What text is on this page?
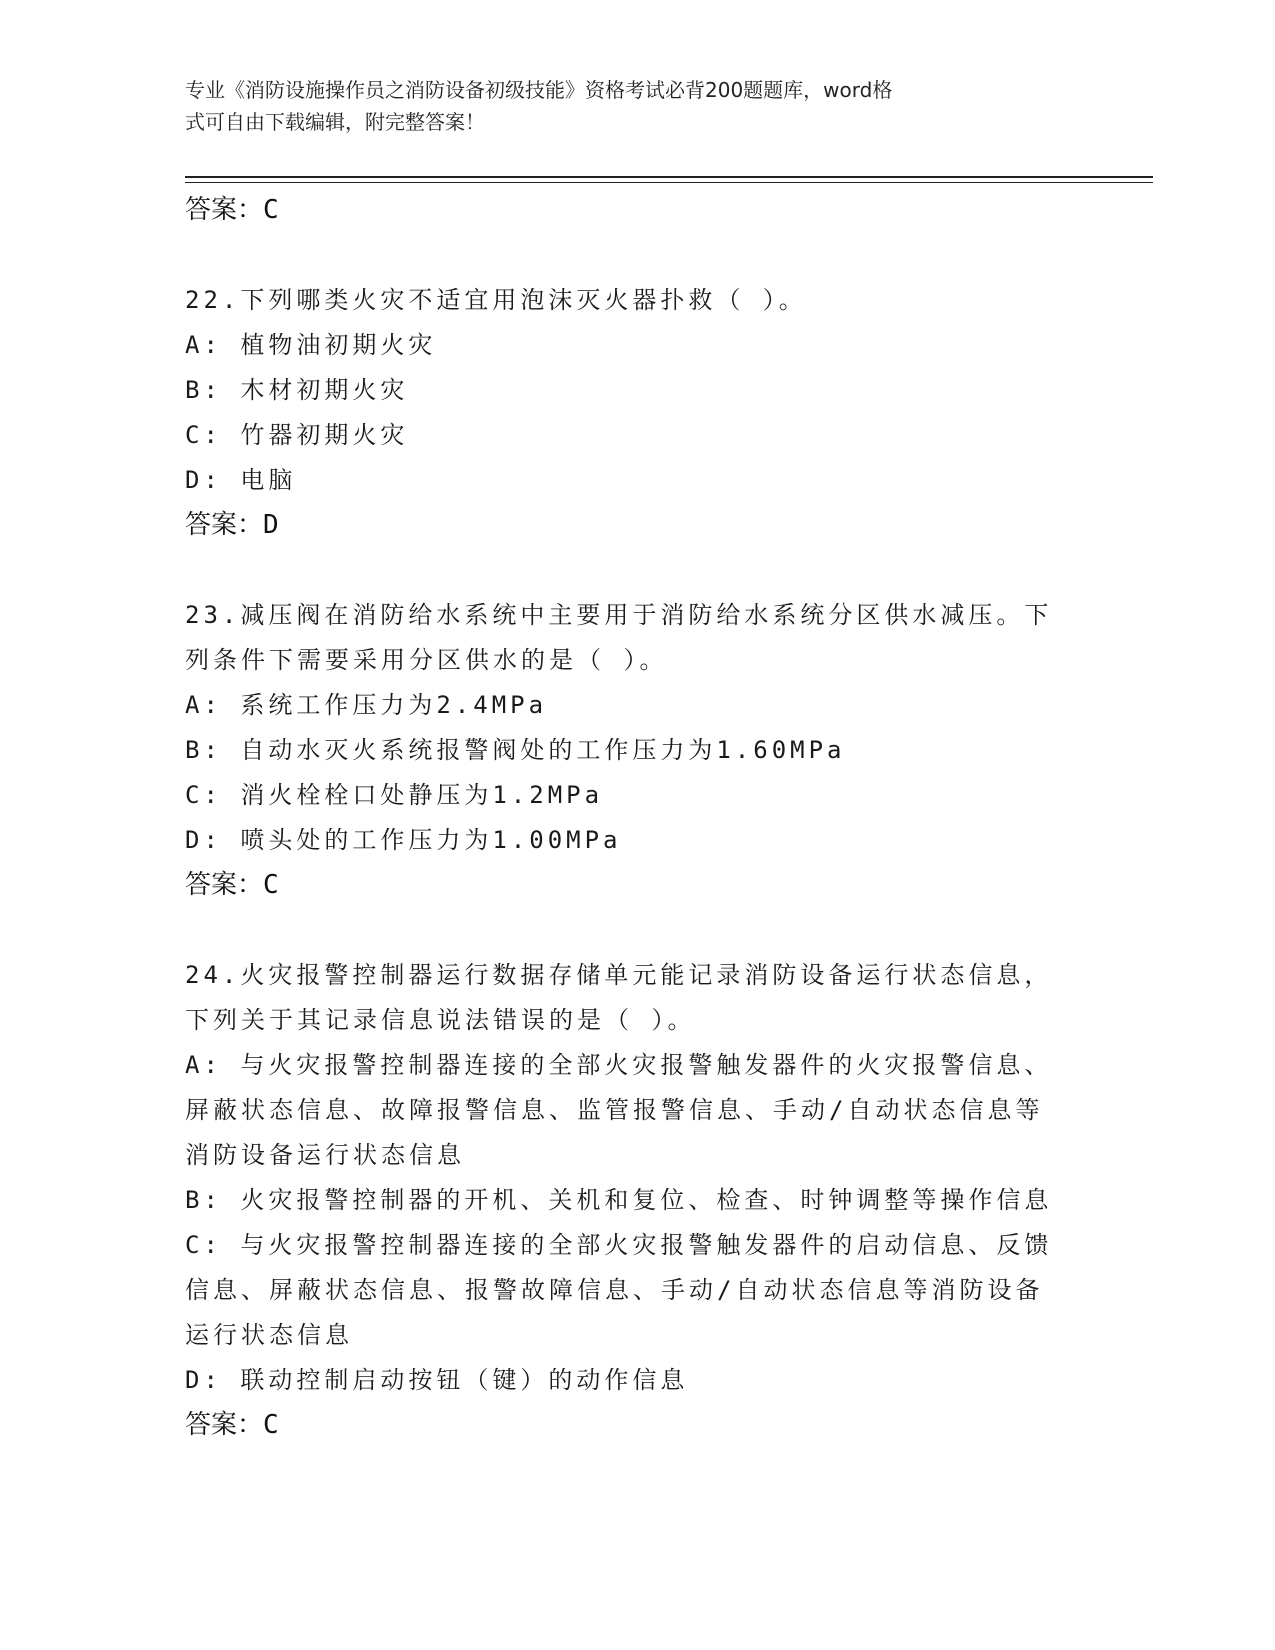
专业《消防设施操作员之消防设备初级技能》资格考试必背200题题库，word格
式可自由下载编辑，附完整答案！
答案：C
22.下列哪类火灾不适宜用泡沫灭火器扑救（ ）。
A: 植物油初期火灾
B: 木材初期火灾
C: 竹器初期火灾
D: 电脑
答案：D
23.减压阀在消防给水系统中主要用于消防给水系统分区供水减压。下
列条件下需要采用分区供水的是（ ）。
A: 系统工作压力为2.4MPa
B: 自动水灭火系统报警阀处的工作压力为1.60MPa
C: 消火栓栓口处静压为1.2MPa
D: 喷头处的工作压力为1.00MPa
答案：C
24.火灾报警控制器运行数据存储单元能记录消防设备运行状态信息，
下列关于其记录信息说法错误的是（ ）。
A: 与火灾报警控制器连接的全部火灾报警触发器件的火灾报警信息、
屏蔽状态信息、故障报警信息、监管报警信息、手动/自动状态信息等
消防设备运行状态信息
B: 火灾报警控制器的开机、关机和复位、检查、时钟调整等操作信息
C: 与火灾报警控制器连接的全部火灾报警触发器件的启动信息、反馈
信息、屏蔽状态信息、报警故障信息、手动/自动状态信息等消防设备
运行状态信息
D: 联动控制启动按钮（键）的动作信息
答案：C
